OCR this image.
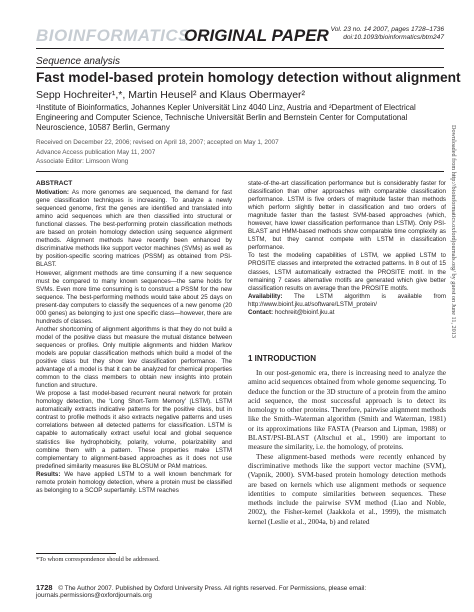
BIOINFORMATICS
ORIGINAL PAPER Vol. 23 no. 14 2007, pages 1728–1736
doi:10.1093/bioinformatics/btm247
Sequence analysis
Fast model-based protein homology detection without alignment
Sepp Hochreiter¹,*, Martin Heusel² and Klaus Obermayer²
¹Institute of Bioinformatics, Johannes Kepler Universität Linz 4040 Linz, Austria and ²Department of Electrical Engineering and Computer Science, Technische Universität Berlin and Bernstein Center for Computational Neuroscience, 10587 Berlin, Germany
Received on December 22, 2006; revised on April 18, 2007; accepted on May 1, 2007
Advance Access publication May 11, 2007
Associate Editor: Limsoon Wong
ABSTRACT

Motivation: As more genomes are sequenced, the demand for fast gene classification techniques is increasing. To analyze a newly sequenced genome, first the genes are identified and translated into amino acid sequences which are then classified into structural or functional classes. The best-performing protein classification methods are based on protein homology detection using sequence alignment methods. Alignment methods have recently been enhanced by discriminative methods like support vector machines (SVMs) as well as by position-specific scoring matrices (PSSM) as obtained from PSI-BLAST.

However, alignment methods are time consuming if a new sequence must be compared to many known sequences—the same holds for SVMs. Even more time consuming is to construct a PSSM for the new sequence. The best-performing methods would take about 25 days on present-day computers to classify the sequences of a new genome (20 000 genes) as belonging to just one specific class—however, there are hundreds of classes.

Another shortcoming of alignment algorithms is that they do not build a model of the positive class but measure the mutual distance between sequences or profiles. Only multiple alignments and hidden Markov models are popular classification methods which build a model of the positive class but they show low classification performance. The advantage of a model is that it can be analyzed for chemical properties common to the class members to obtain new insights into protein function and structure.

We propose a fast model-based recurrent neural network for protein homology detection, the ‘Long Short-Term Memory’ (LSTM). LSTM automatically extracts indicative patterns for the positive class, but in contrast to profile methods it also extracts negative patterns and uses correlations between all detected patterns for classification. LSTM is capable to automatically extract useful local and global sequence statistics like hydrophobicity, polarity, volume, polarizability and combine them with a pattern. These properties make LSTM complementary to alignment-based approaches as it does not use predefined similarity measures like BLOSUM or PAM matrices.

Results: We have applied LSTM to a well known benchmark for remote protein homology detection, where a protein must be classified as belonging to a SCOP superfamily. LSTM reaches

state-of-the-art classification performance but is considerably faster for classification than other approaches with comparable classification performance. LSTM is five orders of magnitude faster than methods which perform slightly better in classification and two orders of magnitude faster than the fastest SVM-based approaches (which, however, have lower classification performance than LSTM). Only PSI-BLAST and HMM-based methods show comparable time complexity as LSTM, but they cannot compete with LSTM in classification performance.

To test the modeling capabilities of LSTM, we applied LSTM to PROSITE classes and interpreted the extracted patterns. In 8 out of 15 classes, LSTM automatically extracted the PROSITE motif. In the remaining 7 cases alternative motifs are generated which give better classification results on average than the PROSITE motifs.

Availability: The LSTM algorithm is available from http://www.bioinf.jku.at/software/LSTM_protein/

Contact: hochreit@bioinf.jku.at

1 INTRODUCTION

In our post-genomic era, there is increasing need to analyze the amino acid sequences obtained from whole genome sequencing. To deduce the function or the 3D structure of a protein from the amino acid sequence, the most successful approach is to detect its homology to other proteins. Therefore, pairwise alignment methods like the Smith–Waterman algorithm (Smith and Waterman, 1981) or its approximations like FASTA (Pearson and Lipman, 1988) or BLAST/PSI-BLAST (Altschul et al., 1990) are important to measure the similarity, i.e. the homology, of proteins.

These alignment-based methods were recently enhanced by discriminative methods like the support vector machine (SVM), (Vapnik, 2000). SVM-based protein homology detection methods are based on kernels which use alignment methods or sequence identities to compute similarities between sequences. These methods include the pairwise SVM method (Liao and Noble, 2002), the Fisher-kernel (Jaakkola et al., 1999), the mismatch kernel (Leslie et al., 2004a, b) and related

*To whom correspondence should be addressed.
1728 © The Author 2007. Published by Oxford University Press. All rights reserved. For Permissions, please email: journals.permissions@oxfordjournals.org
Downloaded from http://bioinformatics.oxfordjournals.org/ by guest on June 11, 2013
